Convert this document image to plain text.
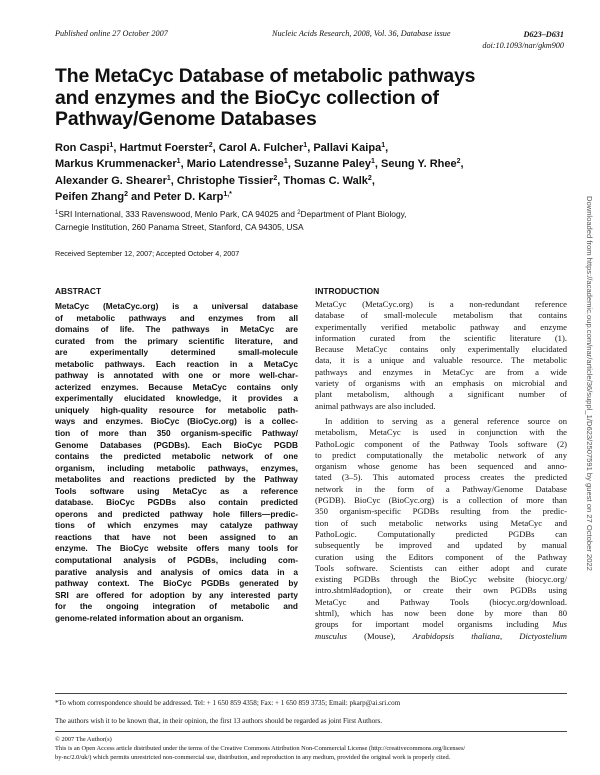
Published online 27 October 2007	Nucleic Acids Research, 2008, Vol. 36, Database issue	D623–D631
doi:10.1093/nar/gkm900
The MetaCyc Database of metabolic pathways
and enzymes and the BioCyc collection of
Pathway/Genome Databases
Ron Caspi$^1$, Hartmut Foerster$^2$, Carol A. Fulcher$^1$, Pallavi Kaipa$^1$,
Markus Krummenacker$^1$, Mario Latendresse$^1$, Suzanne Paley$^1$, Seung Y. Rhee$^2$,
Alexander G. Shearer$^1$, Christophe Tissier$^2$, Thomas C. Walk$^2$,
Peifen Zhang$^2$ and Peter D. Karp$^{1,*}$
$^1$SRI International, 333 Ravenswood, Menlo Park, CA 94025 and $^2$Department of Plant Biology,
Carnegie Institution, 260 Panama Street, Stanford, CA 94305, USA
Received September 12, 2007; Accepted October 4, 2007
ABSTRACT
MetaCyc (MetaCyc.org) is a universal database
of metabolic pathways and enzymes from all
domains of life. The pathways in MetaCyc are
curated from the primary scientific literature, and
are experimentally determined small-molecule
metabolic pathways. Each reaction in a MetaCyc
pathway is annotated with one or more well-char-
acterized enzymes. Because MetaCyc contains only
experimentally elucidated knowledge, it provides a
uniquely high-quality resource for metabolic path-
ways and enzymes. BioCyc (BioCyc.org) is a collec-
tion of more than 350 organism-specific Pathway/
Genome Databases (PGDBs). Each BioCyc PGDB
contains the predicted metabolic network of one
organism, including metabolic pathways, enzymes,
metabolites and reactions predicted by the Pathway
Tools software using MetaCyc as a reference
database. BioCyc PGDBs also contain predicted
operons and predicted pathway hole fillers—predic-
tions of which enzymes may catalyze pathway
reactions that have not been assigned to an
enzyme. The BioCyc website offers many tools for
computational analysis of PGDBs, including com-
parative analysis and analysis of omics data in a
pathway context. The BioCyc PGDBs generated by
SRI are offered for adoption by any interested party
for the ongoing integration of metabolic and
genome-related information about an organism.
INTRODUCTION
MetaCyc (MetaCyc.org) is a non-redundant reference
database of small-molecule metabolism that contains
experimentally verified metabolic pathway and enzyme
information curated from the scientific literature (1).
Because MetaCyc contains only experimentally elucidated
data, it is a unique and valuable resource. The metabolic
pathways and enzymes in MetaCyc are from a wide
variety of organisms with an emphasis on microbial and
plant metabolism, although a significant number of
animal pathways are also included.
In addition to serving as a general reference source on
metabolism, MetaCyc is used in conjunction with the
PathoLogic component of the Pathway Tools software (2)
to predict computationally the metabolic network of any
organism whose genome has been sequenced and anno-
tated (3–5). This automated process creates the predicted
network in the form of a Pathway/Genome Database
(PGDB). BioCyc (BioCyc.org) is a collection of more than
350 organism-specific PGDBs resulting from the predic-
tion of such metabolic networks using MetaCyc and
PathoLogic. Computationally predicted PGDBs can
subsequently be improved and updated by manual
curation using the Editors component of the Pathway
Tools software. Scientists can either adopt and curate
existing PGDBs through the BioCyc website (biocyc.org/
intro.shtml#adoption), or create their own PGDBs using
MetaCyc and Pathway Tools (biocyc.org/download.
shtml), which has now been done by more than 80
groups for important model organisms including Mus
musculus (Mouse), Arabidopsis thaliana, Dictyostelium
*To whom correspondence should be addressed. Tel: + 1 650 859 4358; Fax: + 1 650 859 3735; Email: pkarp@ai.sri.com
The authors wish it to be known that, in their opinion, the first 13 authors should be regarded as joint First Authors.
© 2007 The Author(s)
This is an Open Access article distributed under the terms of the Creative Commons Attribution Non-Commercial License (http://creativecommons.org/licenses/
by-nc/2.0/uk/) which permits unrestricted non-commercial use, distribution, and reproduction in any medium, provided the original work is properly cited.
Downloaded from https://academic.oup.com/nar/article/36/suppl_1/D623/2507591 by guest on 27 October 2022
